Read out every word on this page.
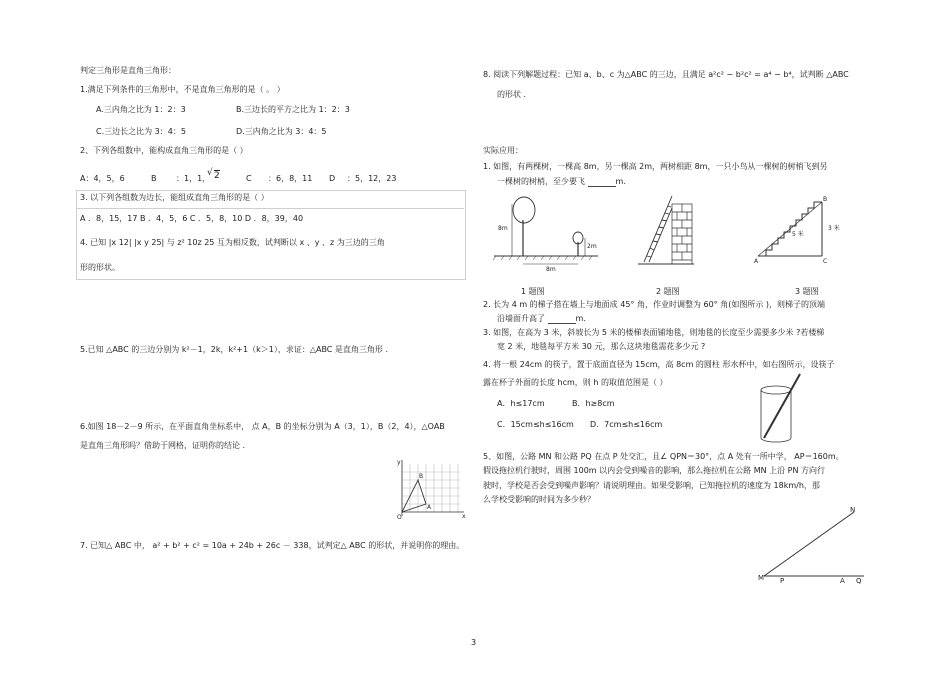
判定三角形是直角三角形：
1.满足下列条件的三角形中，不是直角三角形的是（ 。 ）
A.三内角之比为 1：2：3	B.三边长的平方之比为 1：2：3
C.三边长之比为 3：4：5	D.三内角之比为 3：4：5
2、下列各组数中，能构成直角三角形的是（ ）
A：4，5，6	B ：1，1，
√ 2	C ：6，8，11 D ：5，12，23
3. 以下列各组数为边长，能组成直角三角形的是（ ）
A ．8，15，17 B ．4，5，6 C ．5，8，10 D ．8，39，40
4. 已知 |x 12| |x y 25| 与 z² 10z 25 互为相反数，试判断以 x 、y 、z 为三边的三角
形的形状。
5.已知 △ABC 的三边分别为 k²－1，2k，k²+1（k＞1），求证：△ABC 是直角三角形 .
6.如图 18－2－9 所示，在平面直角坐标系中， 点 A，B 的坐标分别为 A（3，1），B（2，4），△OAB
是直角三角形吗？借助于网格，证明你的结论 .
y
x
O
A
B
7. 已知△ ABC 中， a² + b² + c² = 10a + 24b + 26c － 338，试判定△ ABC 的形状，并说明你的理由。
8. 阅读下列解题过程：已知 a、b、c 为△ABC 的三边，且满足 a²c² − b²c² = a⁴ − b⁴，试判断 △ABC
的形状 .
实际应用：
1. 如图，有两棵树，一棵高 8m，另一棵高 2m，两树相距 8m，一只小鸟从一棵树的树梢飞到另
一棵树的树梢，至少要飞	m.
8m
2m
8m
1 题图	2 题图
A
B
C
5 米
3 米
3 题图
2. 长为 4 m 的梯子搭在墙上与地面成 45° 角，作业时调整为 60° 角(如图所示 )，则梯子的顶端
沿墙面升高了	m.
3. 如图，在高为 3 米，斜坡长为 5 米的楼梯表面铺地毯，则地毯的长度至少需要多少米 ?若楼梯
宽 2 米，地毯每平方米 30 元，那么这块地毯需花多少元 ?
4. 将一根 24cm 的筷子，置于底面直径为 15cm，高 8cm 的圆柱 形水杯中，如右图所示，设筷子
露在杯子外面的长度 hcm，则 h 的取值范围是（ ）
A．h≤17cm	B．h≥8cm
C．15cm≤h≤16cm D．7cm≤h≤16cm
5、如图，公路 MN 和公路 PQ 在点 P 处交汇，且∠ QPN＝30°，点 A 处有一所中学， AP＝160m。
假设拖拉机行驶时，周围 100m 以内会受到噪音的影响，那么拖拉机在公路 MN 上沿 PN 方向行
驶时，学校是否会受到噪声影响？请说明理由。如果受影响，已知拖拉机的速度为 18km/h，那
么学校受影响的时间为多少秒？
N
M P	A Q
3
